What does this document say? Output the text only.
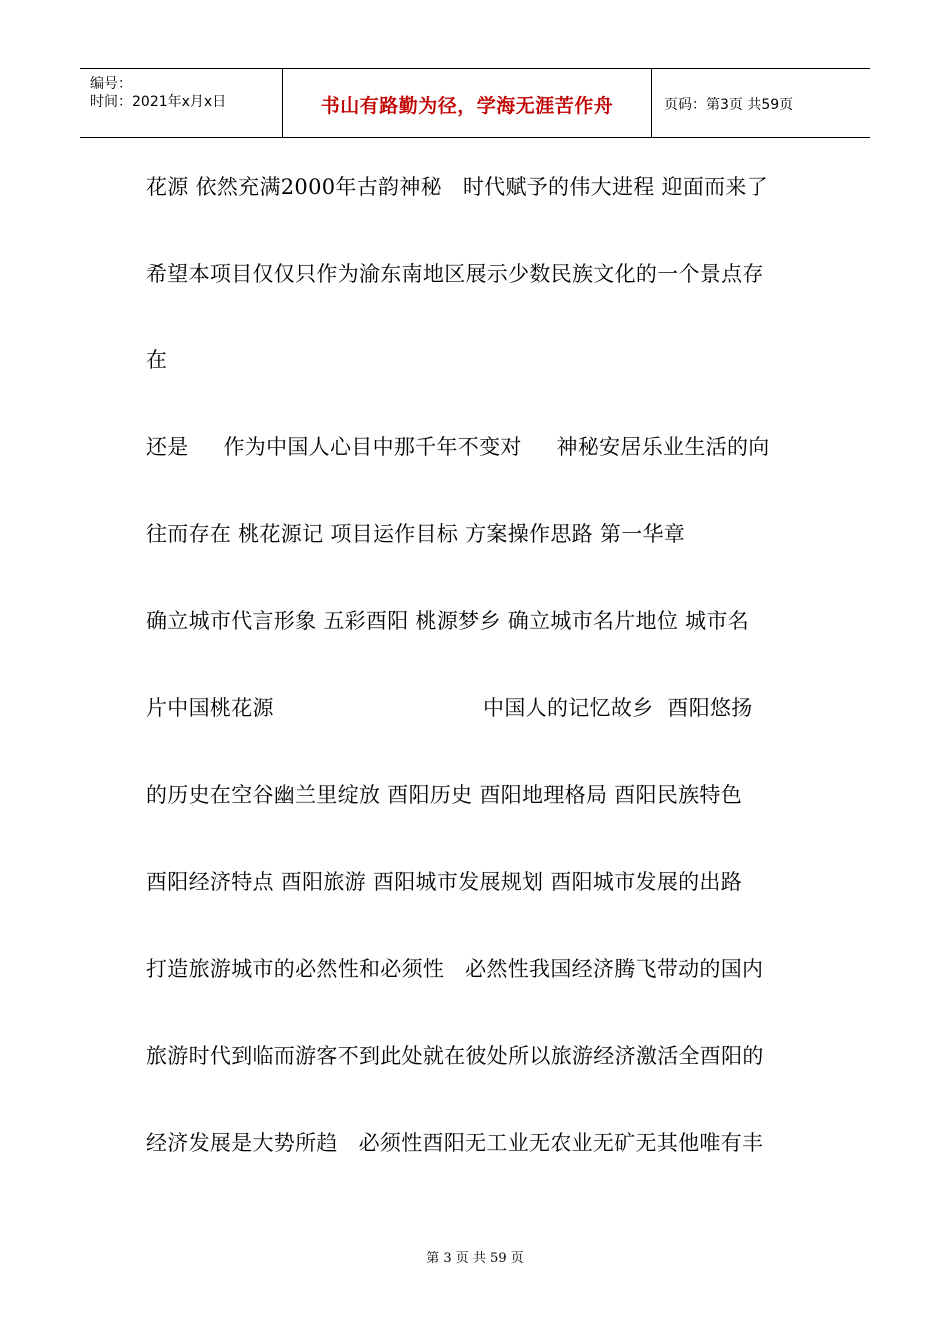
编号：
时间：2021年x月x日	书山有路勤为径，学海无涯苦作舟	页码：第3页 共59页
花源 依然充满2000年古韵神秘   时代赋予的伟大进程 迎面而来了
希望本项目仅仅只作为渝东南地区展示少数民族文化的一个景点存
在
还是     作为中国人心目中那千年不变对     神秘安居乐业生活的向
往而存在 桃花源记 项目运作目标 方案操作思路 第一华章
确立城市代言形象 五彩酉阳 桃源梦乡 确立城市名片地位 城市名
片中国桃花源                              中国人的记忆故乡  酉阳悠扬
的历史在空谷幽兰里绽放 酉阳历史 酉阳地理格局 酉阳民族特色
酉阳经济特点 酉阳旅游 酉阳城市发展规划 酉阳城市发展的出路
打造旅游城市的必然性和必须性   必然性我国经济腾飞带动的国内
旅游时代到临而游客不到此处就在彼处所以旅游经济激活全酉阳的
经济发展是大势所趋   必须性酉阳无工业无农业无矿无其他唯有丰
第 3 页 共 59 页
